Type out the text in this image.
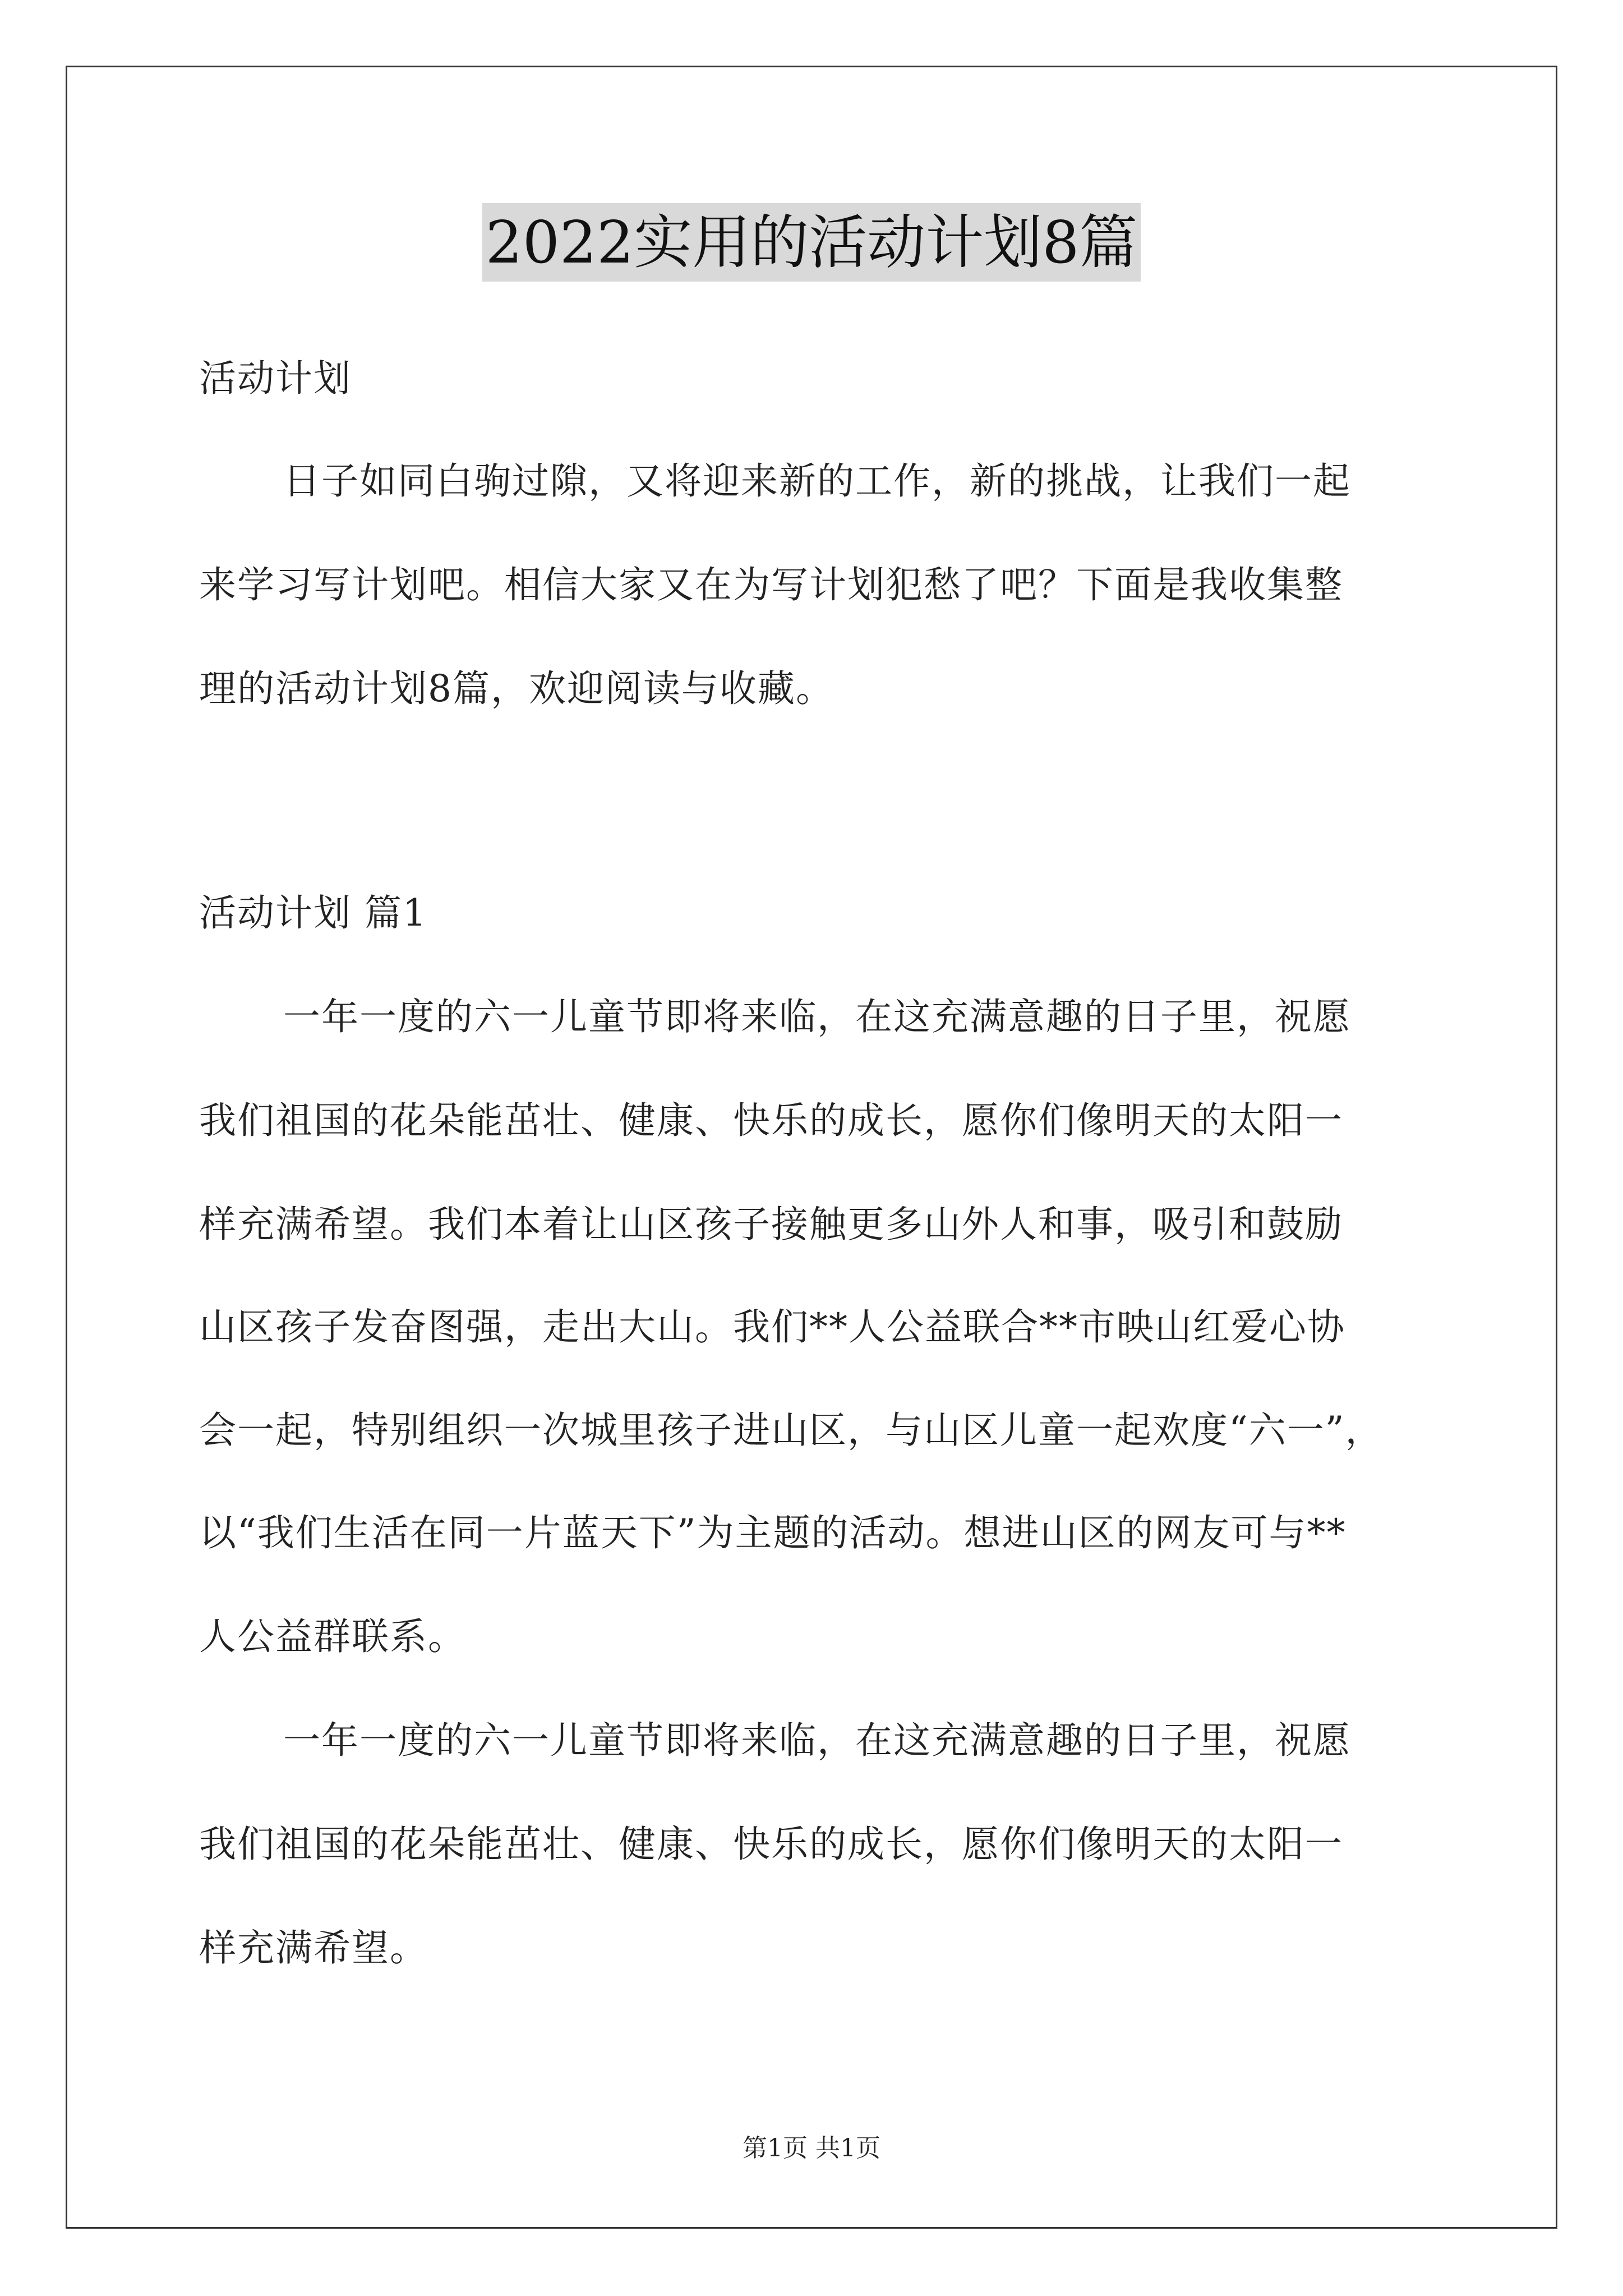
2022实用的活动计划8篇
活动计划
日子如同白驹过隙，又将迎来新的工作，新的挑战，让我们一起
来学习写计划吧。相信大家又在为写计划犯愁了吧？下面是我收集整
理的活动计划8篇，欢迎阅读与收藏。
活动计划 篇1
一年一度的六一儿童节即将来临，在这充满意趣的日子里，祝愿
我们祖国的花朵能茁壮、健康、快乐的成长，愿你们像明天的太阳一
样充满希望。我们本着让山区孩子接触更多山外人和事，吸引和鼓励
山区孩子发奋图强，走出大山。我们**人公益联合**市映山红爱心协
会一起，特别组织一次城里孩子进山区，与山区儿童一起欢度“六一”，
以“我们生活在同一片蓝天下”为主题的活动。想进山区的网友可与**
人公益群联系。
一年一度的六一儿童节即将来临，在这充满意趣的日子里，祝愿
我们祖国的花朵能茁壮、健康、快乐的成长，愿你们像明天的太阳一
样充满希望。
第1页 共1页
